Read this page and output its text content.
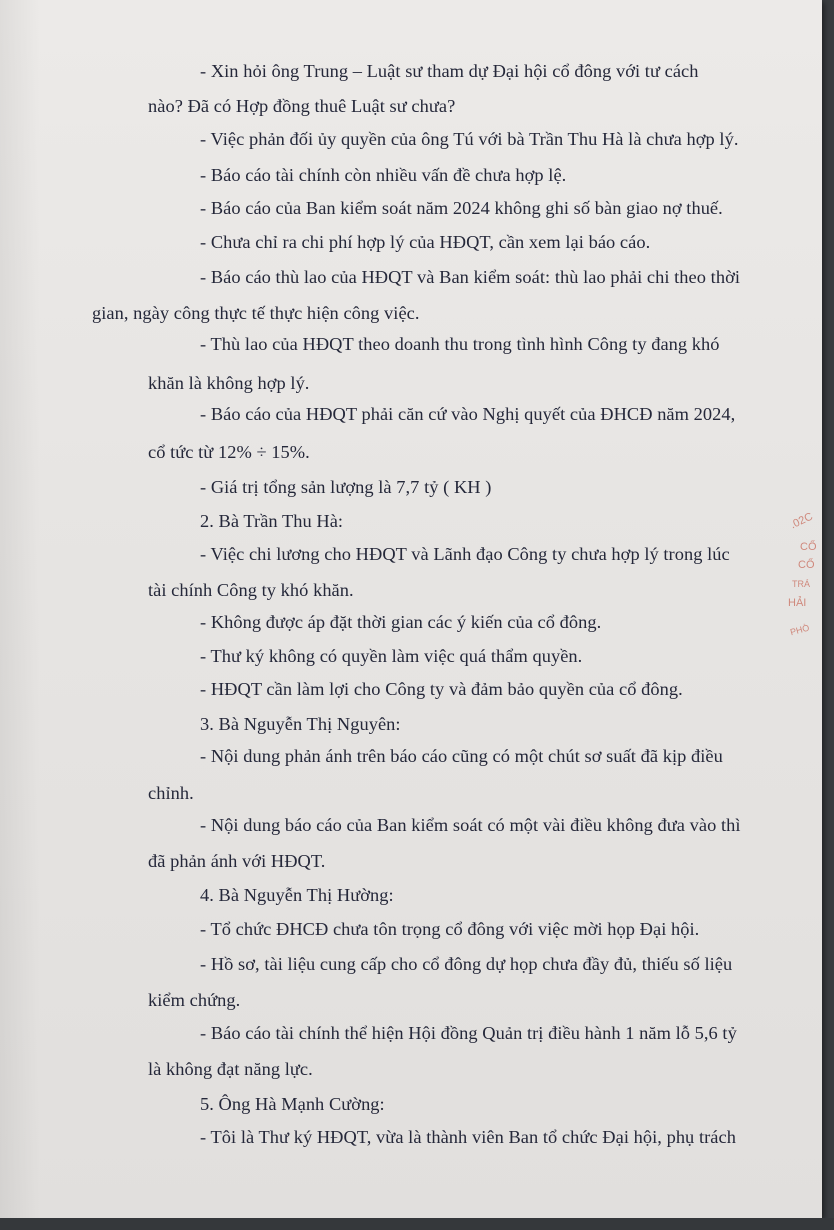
- Xin hỏi ông Trung – Luật sư tham dự Đại hội cổ đông với tư cách
nào? Đã có Hợp đồng thuê Luật sư chưa?
- Việc phản đối ủy quyền của ông Tú với bà Trần Thu Hà là chưa hợp lý.
- Báo cáo tài chính còn nhiều vấn đề chưa hợp lệ.
- Báo cáo của Ban kiểm soát năm 2024 không ghi số bàn giao nợ thuế.
- Chưa chỉ ra chi phí hợp lý của HĐQT, cần xem lại báo cáo.
- Báo cáo thù lao của HĐQT và Ban kiểm soát: thù lao phải chi theo thời
gian, ngày công thực tế thực hiện công việc.
- Thù lao của HĐQT theo doanh thu trong tình hình Công ty đang khó
khăn là không hợp lý.
- Báo cáo của HĐQT phải căn cứ vào Nghị quyết của ĐHCĐ năm 2024,
cổ tức từ 12% ÷ 15%.
- Giá trị tổng sản lượng là 7,7 tỷ ( KH )
2. Bà Trần Thu Hà:
- Việc chi lương cho HĐQT và Lãnh đạo Công ty chưa hợp lý trong lúc
tài chính Công ty khó khăn.
- Không được áp đặt thời gian các ý kiến của cổ đông.
- Thư ký không có quyền làm việc quá thẩm quyền.
- HĐQT cần làm lợi cho Công ty và đảm bảo quyền của cổ đông.
3. Bà Nguyễn Thị Nguyên:
- Nội dung phản ánh trên báo cáo cũng có một chút sơ suất đã kịp điều
chỉnh.
- Nội dung báo cáo của Ban kiểm soát có một vài điều không đưa vào thì
đã phản ánh với HĐQT.
4. Bà Nguyễn Thị Hường:
- Tổ chức ĐHCĐ chưa tôn trọng cổ đông với việc mời họp Đại hội.
- Hồ sơ, tài liệu cung cấp cho cổ đông dự họp chưa đầy đủ, thiếu số liệu
kiểm chứng.
- Báo cáo tài chính thể hiện Hội đồng Quản trị điều hành 1 năm lỗ 5,6 tỷ
là không đạt năng lực.
5. Ông Hà Mạnh Cường:
- Tôi là Thư ký HĐQT, vừa là thành viên Ban tổ chức Đại hội, phụ trách
.02C
CỔ
CỔ
TRÁ
HẢI
PHÒ
